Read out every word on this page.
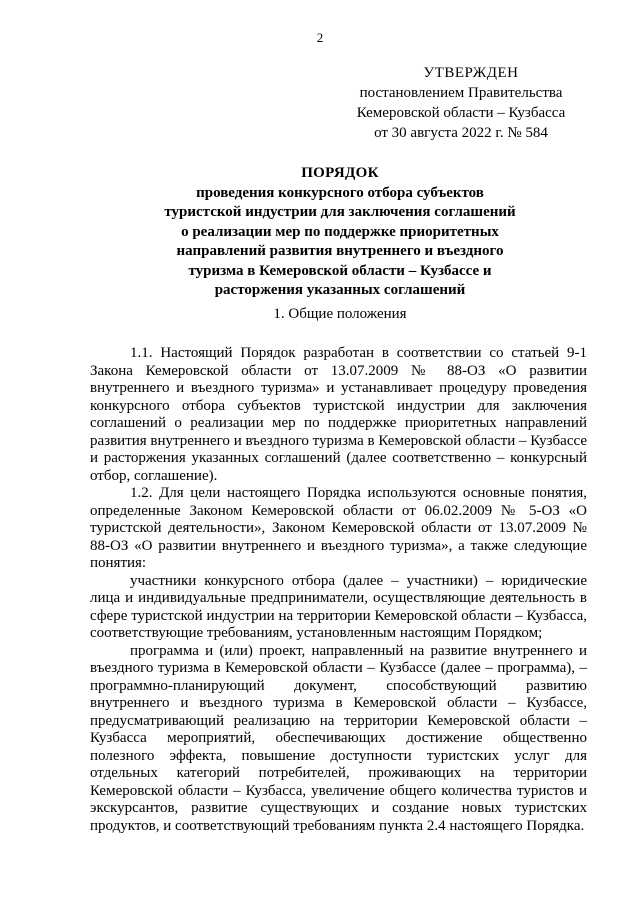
2
УТВЕРЖДЕН
постановлением Правительства
Кемеровской области – Кузбасса
от 30 августа 2022 г. № 584
ПОРЯДОК
проведения конкурсного отбора субъектов
туристской индустрии для заключения соглашений
о реализации мер по поддержке приоритетных
направлений развития внутреннего и въездного
туризма в Кемеровской области – Кузбассе и
расторжения указанных соглашений
1. Общие положения

1.1. Настоящий Порядок разработан в соответствии со статьей 9-1 Закона Кемеровской области от 13.07.2009 № 88-ОЗ «О развитии внутреннего и въездного туризма» и устанавливает процедуру проведения конкурсного отбора субъектов туристской индустрии для заключения соглашений о реализации мер по поддержке приоритетных направлений развития внутреннего и въездного туризма в Кемеровской области – Кузбассе и расторжения указанных соглашений (далее соответственно – конкурсный отбор, соглашение).

1.2. Для цели настоящего Порядка используются основные понятия, определенные Законом Кемеровской области от 06.02.2009 № 5-ОЗ «О туристской деятельности», Законом Кемеровской области от 13.07.2009 № 88-ОЗ «О развитии внутреннего и въездного туризма», а также следующие понятия:

участники конкурсного отбора (далее – участники) – юридические лица и индивидуальные предприниматели, осуществляющие деятельность в сфере туристской индустрии на территории Кемеровской области – Кузбасса, соответствующие требованиям, установленным настоящим Порядком;

программа и (или) проект, направленный на развитие внутреннего и въездного туризма в Кемеровской области – Кузбассе (далее – программа), – программно-планирующий документ, способствующий развитию внутреннего и въездного туризма в Кемеровской области – Кузбассе, предусматривающий реализацию на территории Кемеровской области – Кузбасса мероприятий, обеспечивающих достижение общественно полезного эффекта, повышение доступности туристских услуг для отдельных категорий потребителей, проживающих на территории Кемеровской области – Кузбасса, увеличение общего количества туристов и экскурсантов, развитие существующих и создание новых туристских продуктов, и соответствующий требованиям пункта 2.4 настоящего Порядка.
